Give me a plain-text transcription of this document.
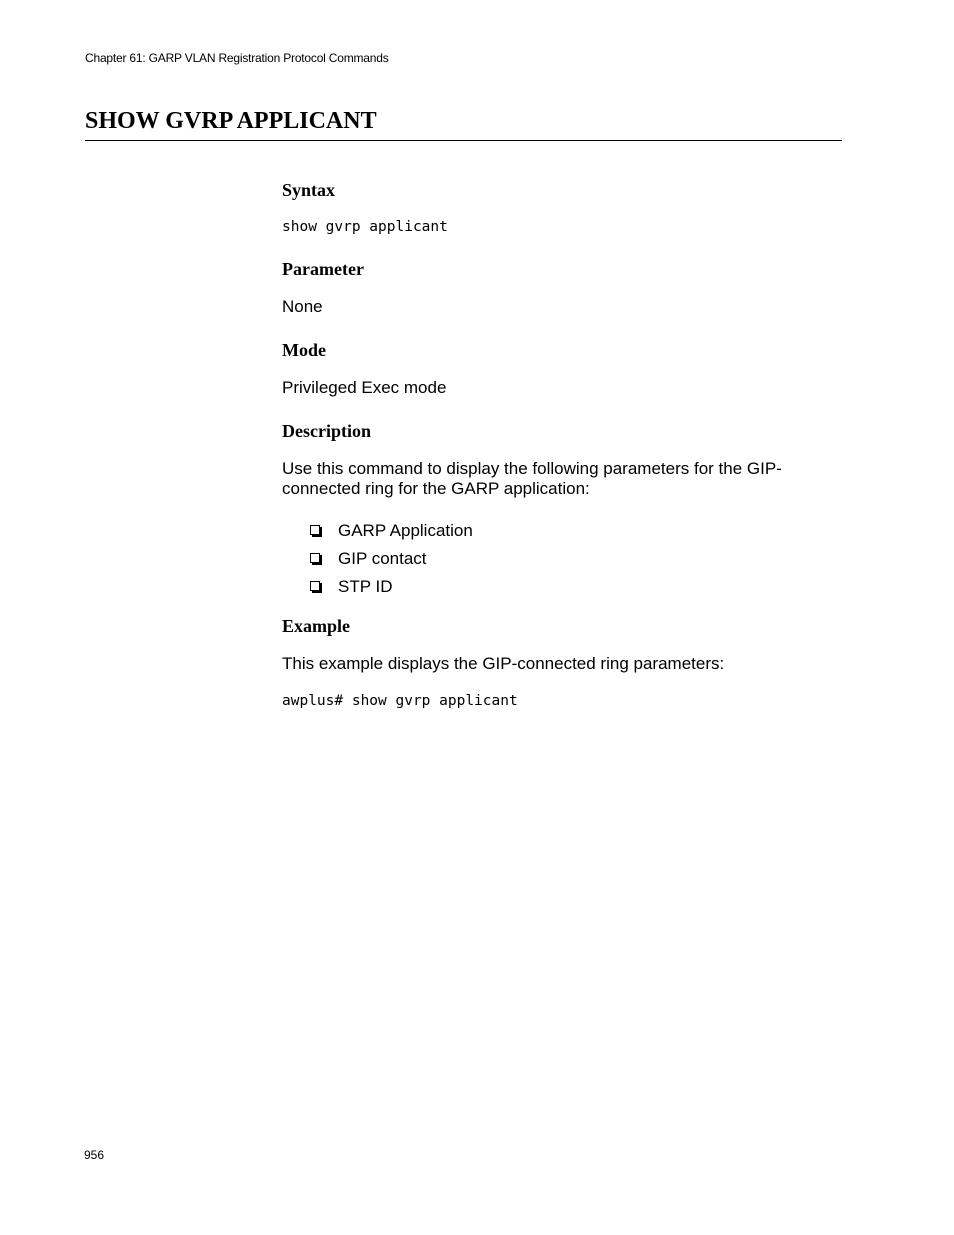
Chapter 61: GARP VLAN Registration Protocol Commands
SHOW GVRP APPLICANT
Syntax
show gvrp applicant
Parameter

None

Mode

Privileged Exec mode

Description

Use this command to display the following parameters for the GIP-connected ring for the GARP application:

GARP Application
GIP contact
STP ID
Example

This example displays the GIP-connected ring parameters:

awplus# show gvrp applicant
956
